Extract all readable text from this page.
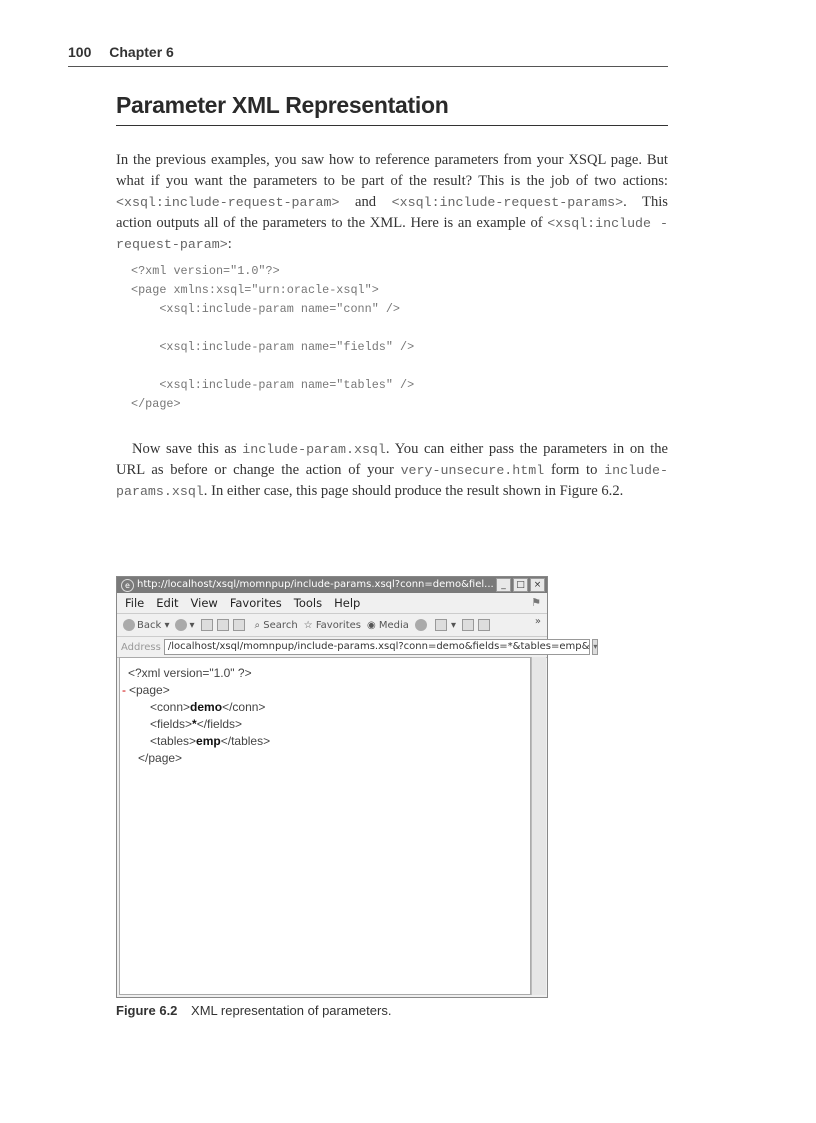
100 Chapter 6
Parameter XML Representation

In the previous examples, you saw how to reference parameters from your XSQL page. But what if you want the parameters to be part of the result? This is the job of two actions: <xsql:include-request-param> and <xsql:include-request-params>. This action outputs all of the parameters to the XML. Here is an example of <xsql:include -request-param>:

<?xml version="1.0"?>
<page xmlns:xsql="urn:oracle-xsql">
<xsql:include-param name="conn" />

<xsql:include-param name="fields" />

<xsql:include-param name="tables" />
</page>

Now save this as include-param.xsql. You can either pass the parameters in on the URL as before or change the action of your very-unsecure.html form to include-params.xsql. In either case, this page should produce the result shown in Figure 6.2.

e http://localhost/xsql/momnpup/include-params.xsql?conn=demo&fiel... _	□ ×
File Edit View Favorites Tools Help	⚑
Back ▾	▾	⌕ Search ☆ Favorites ◉ Media	▾	»
Address /localhost/xsql/momnpup/include-params.xsql?conn=demo&fields=*&tables=emp& ▾
<?xml version="1.0" ?>
- <page>
<conn>demo</conn>
<fields>*</fields>
<tables>emp</tables>
</page>
Figure 6.2 XML representation of parameters.
